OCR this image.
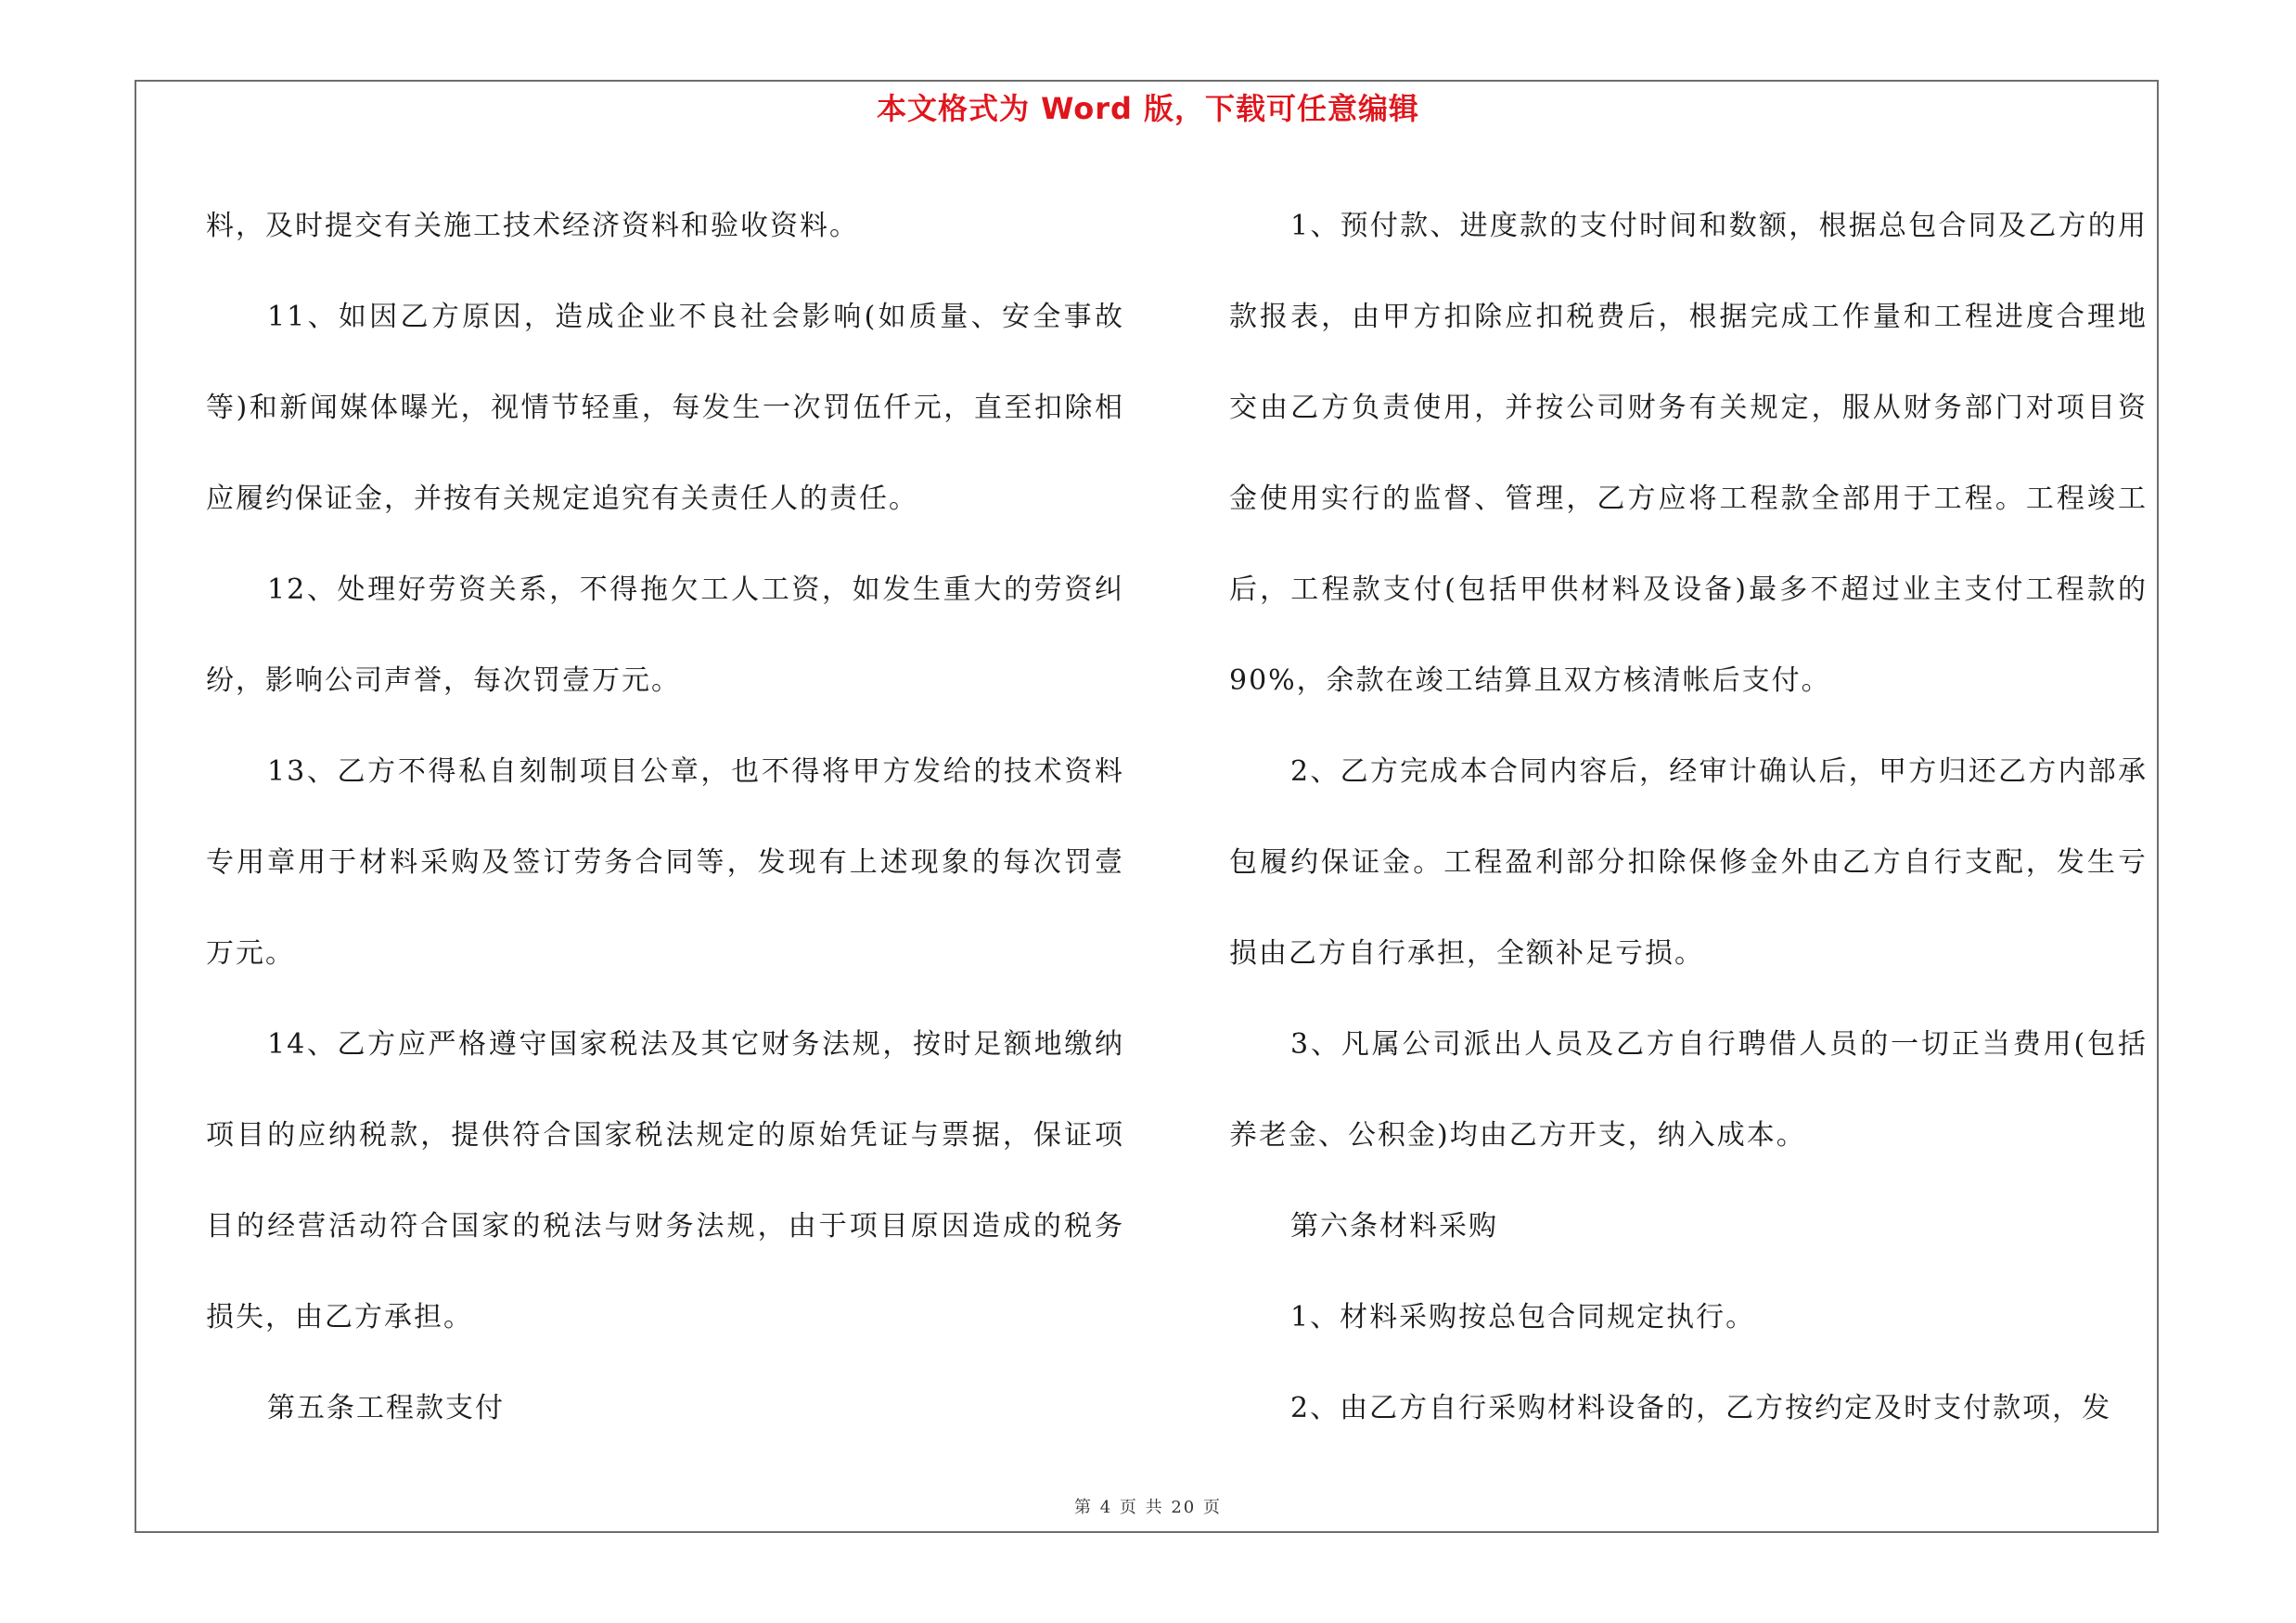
本文格式为 Word 版，下载可任意编辑

料，及时提交有关施工技术经济资料和验收资料。

11、如因乙方原因，造成企业不良社会影响(如质量、安全事故等)和新闻媒体曝光，视情节轻重，每发生一次罚伍仟元，直至扣除相应履约保证金，并按有关规定追究有关责任人的责任。

12、处理好劳资关系，不得拖欠工人工资，如发生重大的劳资纠纷，影响公司声誉，每次罚壹万元。

13、乙方不得私自刻制项目公章，也不得将甲方发给的技术资料专用章用于材料采购及签订劳务合同等，发现有上述现象的每次罚壹万元。

14、乙方应严格遵守国家税法及其它财务法规，按时足额地缴纳项目的应纳税款，提供符合国家税法规定的原始凭证与票据，保证项目的经营活动符合国家的税法与财务法规，由于项目原因造成的税务损失，由乙方承担。

第五条工程款支付

1、预付款、进度款的支付时间和数额，根据总包合同及乙方的用款报表，由甲方扣除应扣税费后，根据完成工作量和工程进度合理地交由乙方负责使用，并按公司财务有关规定，服从财务部门对项目资金使用实行的监督、管理，乙方应将工程款全部用于工程。工程竣工后，工程款支付(包括甲供材料及设备)最多不超过业主支付工程款的90%，余款在竣工结算且双方核清帐后支付。

2、乙方完成本合同内容后，经审计确认后，甲方归还乙方内部承包履约保证金。工程盈利部分扣除保修金外由乙方自行支配，发生亏损由乙方自行承担，全额补足亏损。

3、凡属公司派出人员及乙方自行聘借人员的一切正当费用(包括养老金、公积金)均由乙方开支，纳入成本。

第六条材料采购

1、材料采购按总包合同规定执行。

2、由乙方自行采购材料设备的，乙方按约定及时支付款项，发

第 4 页 共 20 页
